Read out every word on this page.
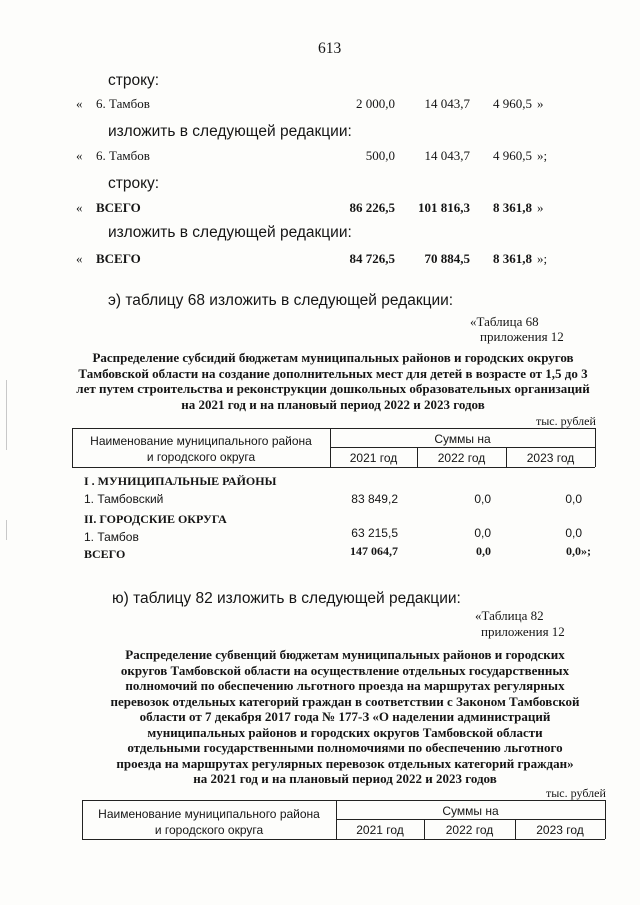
613
строку:
« 6. Тамбов	2 000,0	14 043,7	4 960,5 »
изложить в следующей редакции:
« 6. Тамбов	500,0	14 043,7	4 960,5 »;
строку:
« ВСЕГО	86 226,5	101 816,3	8 361,8 »
изложить в следующей редакции:
« ВСЕГО	84 726,5	70 884,5	8 361,8 »;
э) таблицу 68 изложить в следующей редакции:
«Таблица 68
приложения 12
Распределение субсидий бюджетам муниципальных районов и городских округов Тамбовской области на создание дополнительных мест для детей в возрасте от 1,5 до 3 лет путем строительства и реконструкции дошкольных образовательных организаций на 2021 год и на плановый период 2022 и 2023 годов
тыс. рублей
Наименование муниципального района
и городского округа
Суммы на
2021 год	2022 год	2023 год
I . МУНИЦИПАЛЬНЫЕ РАЙОНЫ
1. Тамбовский	83 849,2	0,0	0,0
II. ГОРОДСКИЕ ОКРУГА
1. Тамбов	63 215,5	0,0	0,0
ВСЕГО	147 064,7	0,0	0,0»;
ю) таблицу 82 изложить в следующей редакции:
«Таблица 82
приложения 12
Распределение субвенций бюджетам муниципальных районов и городских округов Тамбовской области на осуществление отдельных государственных полномочий по обеспечению льготного проезда на маршрутах регулярных перевозок отдельных категорий граждан в соответствии с Законом Тамбовской области от 7 декабря 2017 года № 177-З «О наделении администраций муниципальных районов и городских округов Тамбовской области отдельными государственными полномочиями по обеспечению льготного проезда на маршрутах регулярных перевозок отдельных категорий граждан» на 2021 год и на плановый период 2022 и 2023 годов
тыс. рублей
Наименование муниципального района
и городского округа
Суммы на
2021 год	2022 год	2023 год
